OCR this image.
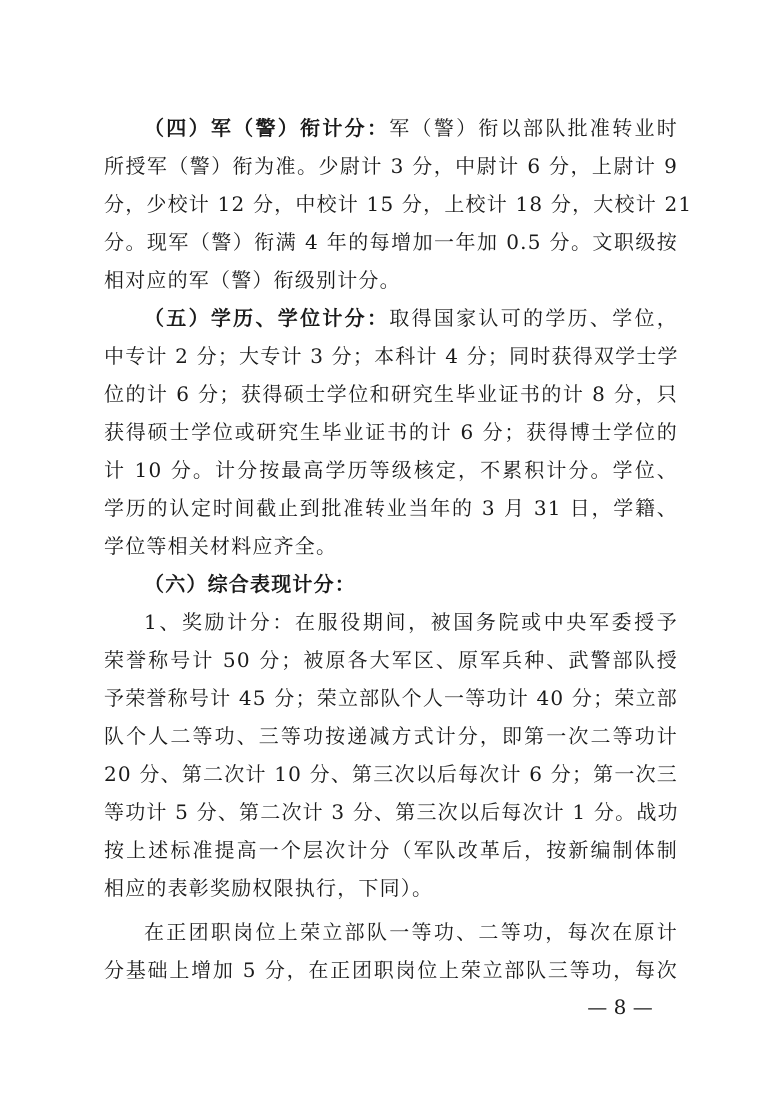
（四）军（警）衔计分：军（警）衔以部队批准转业时
所授军（警）衔为准。少尉计 3 分，中尉计 6 分，上尉计 9
分，少校计 12 分，中校计 15 分，上校计 18 分，大校计 21
分。现军（警）衔满 4 年的每增加一年加 0.5 分。文职级按
相对应的军（警）衔级别计分。
（五）学历、学位计分：取得国家认可的学历、学位，
中专计 2 分；大专计 3 分；本科计 4 分；同时获得双学士学
位的计 6 分；获得硕士学位和研究生毕业证书的计 8 分，只
获得硕士学位或研究生毕业证书的计 6 分；获得博士学位的
计 10 分。计分按最高学历等级核定，不累积计分。学位、
学历的认定时间截止到批准转业当年的 3 月 31 日，学籍、
学位等相关材料应齐全。
（六）综合表现计分：
1、奖励计分：在服役期间，被国务院或中央军委授予
荣誉称号计 50 分；被原各大军区、原军兵种、武警部队授
予荣誉称号计 45 分；荣立部队个人一等功计 40 分；荣立部
队个人二等功、三等功按递减方式计分，即第一次二等功计
20 分、第二次计 10 分、第三次以后每次计 6 分；第一次三
等功计 5 分、第二次计 3 分、第三次以后每次计 1 分。战功
按上述标准提高一个层次计分（军队改革后，按新编制体制
相应的表彰奖励权限执行，下同）。
在正团职岗位上荣立部队一等功、二等功，每次在原计
分基础上增加 5 分，在正团职岗位上荣立部队三等功，每次
— 8 —
